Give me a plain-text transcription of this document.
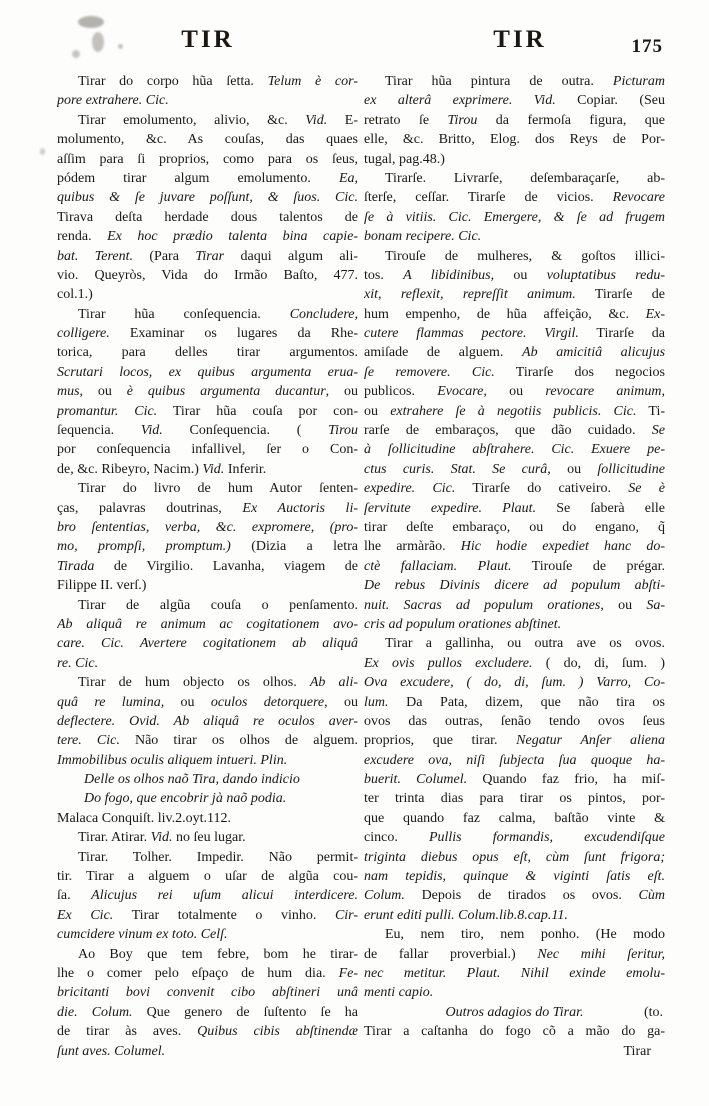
TIR	TIR	175
Tirar do corpo hũa ſetta. Telum è cor-
pore extrahere. Cic.
Tirar emolumento, alivio, &c. Vid. E-
molumento, &c. As couſas, das quaes
aſſim para ſi proprios, como para os ſeus,
pódem tirar algum emolumento. Ea,
quibus & ſe juvare poſſunt, & ſuos. Cic.
Tirava deſta herdade dous talentos de
renda. Ex hoc prædio talenta bina capie-
bat. Terent. (Para Tirar daqui algum ali-
vio. Queyròs, Vida do Irmão Baſto, 477.
col.1.)
Tirar hũa conſequencia. Concludere,
colligere. Examinar os lugares da Rhe-
torica, para delles tirar argumentos.
Scrutari locos, ex quibus argumenta erua-
mus, ou è quibus argumenta ducantur, ou
promantur. Cic. Tirar hũa couſa por con-
ſequencia. Vid. Conſequencia. ( Tirou
por conſequencia infallivel, ſer o Con-
de, &c. Ribeyro, Nacim.) Vid. Inferir.
Tirar do livro de hum Autor ſenten-
ças, palavras doutrinas, Ex Auctoris li-
bro ſententias, verba, &c. expromere, (pro-
mo, prompſi, promptum.) (Dizia a letra
Tirada de Virgilio. Lavanha, viagem de
Filippe II. verſ.)
Tirar de algũa couſa o penſamento.
Ab aliquâ re animum ac cogitationem avo-
care. Cic. Avertere cogitationem ab aliquâ
re. Cic.
Tirar de hum objecto os olhos. Ab ali-
quâ re lumina, ou oculos detorquere, ou
deflectere. Ovid. Ab aliquâ re oculos aver-
tere. Cic. Não tirar os olhos de alguem.
Immobilibus oculis aliquem intueri. Plin.
Delle os olhos naõ Tira, dando indicio
Do fogo, que encobrir jà naõ podia.
Malaca Conquiſt. liv.2.oyt.112.
Tirar. Atirar. Vid. no ſeu lugar.
Tirar. Tolher. Impedir. Não permit-
tir. Tirar a alguem o uſar de algũa cou-
ſa. Alicujus rei uſum alicui interdicere.
Ex Cic. Tirar totalmente o vinho. Cir-
cumcidere vinum ex toto. Celſ.
Ao Boy que tem febre, bom he tirar-
lhe o comer pelo eſpaço de hum dia. Fe-
bricitanti bovi convenit cibo abſtineri unâ
die. Colum. Que genero de ſuſtento ſe ha
de tirar às aves. Quibus cibis abſtinendæ
ſunt aves. Columel.
Tirar hũa pintura de outra. Picturam
ex alterâ exprimere. Vid. Copiar. (Seu
retrato ſe Tirou da fermoſa figura, que
elle, &c. Britto, Elog. dos Reys de Por-
tugal, pag.48.)
Tirarſe. Livrarſe, deſembaraçarſe, ab-
ſterſe, ceſſar. Tirarſe de vicios. Revocare
ſe à vitiis. Cic. Emergere, & ſe ad frugem
bonam recipere. Cic.
Tirouſe de mulheres, & goſtos illici-
tos. A libidinibus, ou voluptatibus redu-
xit, reflexit, repreſſit animum. Tirarſe de
hum empenho, de hũa affeição, &c. Ex-
cutere flammas pectore. Virgil. Tirarſe da
amiſade de alguem. Ab amicitiâ alicujus
ſe removere. Cic. Tirarſe dos negocios
publicos. Evocare, ou revocare animum,
ou extrahere ſe à negotiis publicis. Cic. Ti-
rarſe de embaraços, que dão cuidado. Se
à ſollicitudine abſtrahere. Cic. Exuere pe-
ctus curis. Stat. Se curâ, ou ſollicitudine
expedire. Cic. Tirarſe do cativeiro. Se è
ſervitute expedire. Plaut. Se ſaberà elle
tirar deſte embaraço, ou do engano, q̃
lhe armàrão. Hic hodie expediet hanc do-
ctè fallaciam. Plaut. Tirouſe de prégar.
De rebus Divinis dicere ad populum abſti-
nuit. Sacras ad populum orationes, ou Sa-
cris ad populum orationes abſtinet.
Tirar a gallinha, ou outra ave os ovos.
Ex ovis pullos excludere. ( do, di, ſum. )
Ova excudere, ( do, di, ſum. ) Varro, Co-
lum. Da Pata, dizem, que não tira os
ovos das outras, ſenão tendo ovos ſeus
proprios, que tirar. Negatur Anſer aliena
excudere ova, niſi ſubjecta ſua quoque ha-
buerit. Columel. Quando faz frio, ha miſ-
ter trinta dias para tirar os pintos, por-
que quando faz calma, baſtão vinte &
cinco. Pullis formandis, excudendiſque
triginta diebus opus eſt, cùm ſunt frigora;
nam tepidis, quinque & viginti ſatis eſt.
Colum. Depois de tirados os ovos. Cùm
erunt editi pulli. Colum.lib.8.cap.11.
Eu, nem tiro, nem ponho. (He modo
de fallar proverbial.) Nec mihi ſeritur,
nec metitur. Plaut. Nihil exinde emolu-
menti capio.
Outros adagios do Tirar.	(to.
Tirar a caſtanha do fogo cõ a mão do ga-
Tirar
